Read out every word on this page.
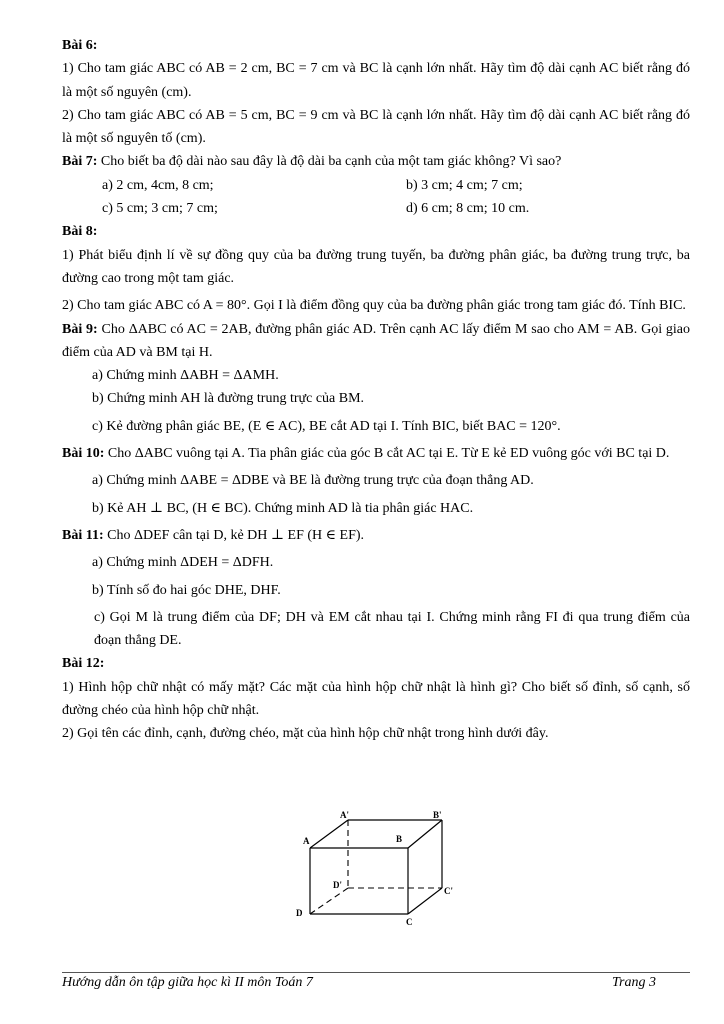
Bài 6:

1) Cho tam giác ABC có AB = 2 cm, BC = 7 cm và BC là cạnh lớn nhất. Hãy tìm độ dài cạnh AC biết rằng đó là một số nguyên (cm).

2) Cho tam giác ABC có AB = 5 cm, BC = 9 cm và BC là cạnh lớn nhất. Hãy tìm độ dài cạnh AC biết rằng đó là một số nguyên tố (cm).

Bài 7: Cho biết ba độ dài nào sau đây là độ dài ba cạnh của một tam giác không? Vì sao?

a) 2 cm, 4cm, 8 cm;	b) 3 cm; 4 cm; 7 cm;
c) 5 cm; 3 cm; 7 cm;	d) 6 cm; 8 cm; 10 cm.

Bài 8:

1) Phát biểu định lí về sự đồng quy của ba đường trung tuyến, ba đường phân giác, ba đường trung trực, ba đường cao trong một tam giác.

2) Cho tam giác ABC có A = 80°. Gọi I là điểm đồng quy của ba đường phân giác trong tam giác đó. Tính BIC.

Bài 9: Cho ΔABC có AC = 2AB, đường phân giác AD. Trên cạnh AC lấy điểm M sao cho AM = AB. Gọi giao điểm của AD và BM tại H.

a) Chứng minh ΔABH = ΔAMH.

b) Chứng minh AH là đường trung trực của BM.

c) Kẻ đường phân giác BE, (E ∈ AC), BE cắt AD tại I. Tính BIC, biết BAC = 120°.

Bài 10: Cho ΔABC vuông tại A. Tia phân giác của góc B cắt AC tại E. Từ E kẻ ED vuông góc với BC tại D.

a) Chứng minh ΔABE = ΔDBE và BE là đường trung trực của đoạn thẳng AD.

b) Kẻ AH ⊥ BC, (H ∈ BC). Chứng minh AD là tia phân giác HAC.

Bài 11: Cho ΔDEF cân tại D, kẻ DH ⊥ EF (H ∈ EF).

a) Chứng minh ΔDEH = ΔDFH.

b) Tính số đo hai góc DHE, DHF.

c) Gọi M là trung điểm của DF; DH và EM cắt nhau tại I. Chứng minh rằng FI đi qua trung điểm của đoạn thẳng DE.

Bài 12:

1) Hình hộp chữ nhật có mấy mặt? Các mặt của hình hộp chữ nhật là hình gì? Cho biết số đỉnh, số cạnh, số đường chéo của hình hộp chữ nhật.

2) Gọi tên các đỉnh, cạnh, đường chéo, mặt của hình hộp chữ nhật trong hình dưới đây.

A'	B'
A	B
D'
C'
D
C
Hướng dẫn ôn tập giữa học kì II môn Toán 7	Trang 3
